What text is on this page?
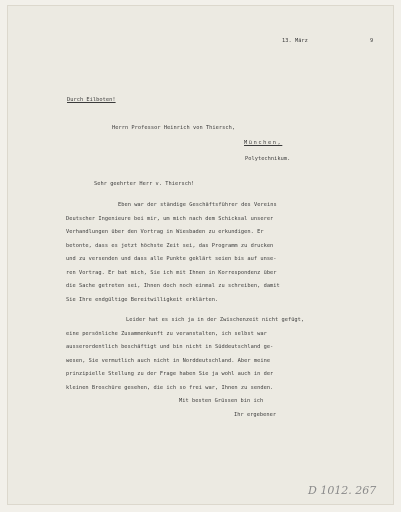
13. März	9
Durch Eilboten!
Herrn Professor Heinrich von Thiersch,
München,
Polytechnikum.
Sehr geehrter Herr v. Thiersch!
Eben war der ständige Geschäftsführer des Vereins
Deutscher Ingenieure bei mir, um mich nach dem Schicksal unserer
Verhandlungen über den Vortrag in Wiesbaden zu erkundigen. Er
betonte, dass es jetzt höchste Zeit sei, das Programm zu drucken
und zu versenden und dass alle Punkte geklärt seien bis auf unse-
ren Vortrag. Er bat mich, Sie ich mit Ihnen in Korrespondenz über
die Sache getreten sei, Ihnen doch noch einmal zu schreiben, damit
Sie Ihre endgültige Bereitwilligkeit erklärten.
Leider hat es sich ja in der Zwischenzeit nicht gefügt,
eine persönliche Zusammenkunft zu veranstalten, ich selbst war
ausserordentlich beschäftigt und bin nicht in Süddeutschland ge-
wesen, Sie vermutlich auch nicht in Norddeutschland. Aber meine
prinzipielle Stellung zu der Frage haben Sie ja wohl auch in der
kleinen Broschüre gesehen, die ich so frei war, Ihnen zu senden.
Mit besten Grüssen bin ich
Ihr ergebener
D 1012. 267
